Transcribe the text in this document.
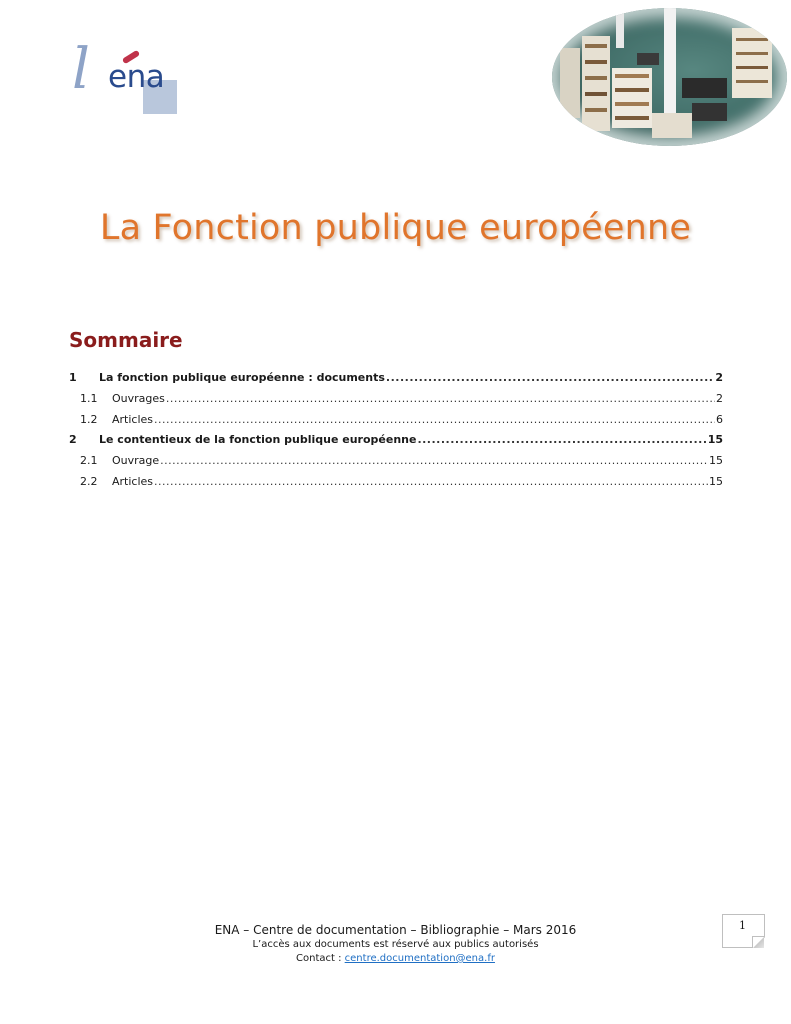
l ena
La Fonction publique européenne
Sommaire
1	La fonction publique européenne : documents .....	2
1.1	Ouvrages .....	2
1.2	Articles .....	6
2	Le contentieux de la fonction publique européenne .....	15
2.1	Ouvrage .....	15
2.2	Articles .....	15
ENA – Centre de documentation – Bibliographie – Mars 2016
L’accès aux documents est réservé aux publics autorisés
Contact : centre.documentation@ena.fr
1
